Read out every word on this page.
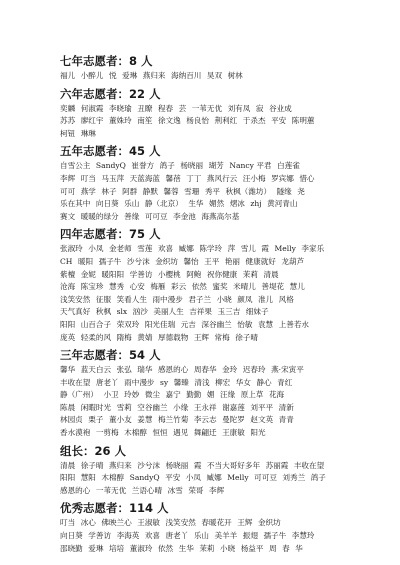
七年志愿者：8 人
福儿 小醉儿 悦 爱琳 燕归来 海纳百川 昊双 树林
六年志愿者：22 人
奕麟 何淑霞 李晓瑜 丑瞭 程春 芸 一苇无优 刘有凤 寂 谷业成
苏苏 廖红宇 董姝玲 南笙 徐文逸 杨良怡 荆利红 于杀杰 平安 陈明蕙
柯钮 琳琳
五年志愿者：45 人
自雪公主 SandyQ 崔誉方 鸽子 杨晓丽 瑚芳 Nancy 平君 白莲雀
李辉 叮当 马玉萍 天蓝海蓝 馨蓓 丁丁 燕风行云 汪小梅 罗宾娜 惜心
可可 燕学 林子 阿群 静默 馨蓉 雪珊 秀平 秋枫（潍坊） 隧缘 尧
乐在其中 向日葵 乐山 静（北京） 生华 媚然 熠冰 zhj 黄河青山
赛文 暖暖的绿分 善缘 可可豆 李金池 海燕高尔基
四年志愿者：75 人
张淑玲 小凤 金老师 雪莲 欢喜 臧娜 陈学玲 萍 雪儿 霞 Melly 李家乐
CH 暖阳 孺子牛 沙兮沫 金织坊 馨怡 王平 艳丽 健康就好 龙葫芦
紫檀 金妮 暖阳阳 学善访 小樱桃 阿鲍 祝你健康 茉莉 清晨
沧海 陈宝珍 慧秀 心安 梅雁 彩云 依然 蜜奖 米晴儿 善堤花 慧儿
浅笑安然 征服 笑看人生 雨中漫步 君子兰 小晓 颜凤 准儿 风格
天气真好 秋枫 slx 汹沙 美丽人生 吉祥果 玉三吉 细妹子
阳阳 山百合子 荣双玲 阳光佳瑞 元吉 深谷幽兰 怡敏 袁慧 上善若水
庞英 轻柔的风 隋梅 黄婧 厚德载物 王辉 常梅 徐子晴
三年志愿者：54 人
馨华 蓝天白云 张弘 瑞华 感恩的心 周春华 金玲 迟春玲 燕·宋寅平
丰收在望 唐老丫 雨中漫步 sy 馨臻 清浅 柳宏 华女 静心 青红
静（广州） 小卫 玲妙 微尘 嘉宁 勤勤 媚 汪缘 原上草 花海
陈晨 闲暇时光 雪莉 空谷幽兰 小缘 王永祥 谢嘉莲 刘平平 清新
林园贞 栗子 董小友 姜慧 梅兰竹菊 李云志 曼陀罗 赵文英 青青
香水漠袍 一剪梅 木棉醇 恒恒 遇见 舞翩迁 王康敏 阳光
组长：26 人
清晨 徐子晴 燕归来 沙兮沫 杨晓丽 霞 不当大哥好多年 苏丽霞 丰收在望
阳阳 慧阳 木棉醇 SandyQ 平安 小凤 臧娜 Melly 可可豆 刘秀兰 鸽子
感恩的心 一苇无优 兰语心晴 冰雪 荣哥 李辉
优秀志愿者：114 人
叮当 冰心 佛映兰心 王淑敏 浅笑安然 春暖花开 王辉 金织坊
向日葵 学善访 李海英 欢喜 唐老丫 乐山 美羊羊 振翅 孺子牛 李慧玲
邵晓勤 爱琳 培培 董淑玲 依然 生华 茉莉 小晓 杨益平 周 春 华
